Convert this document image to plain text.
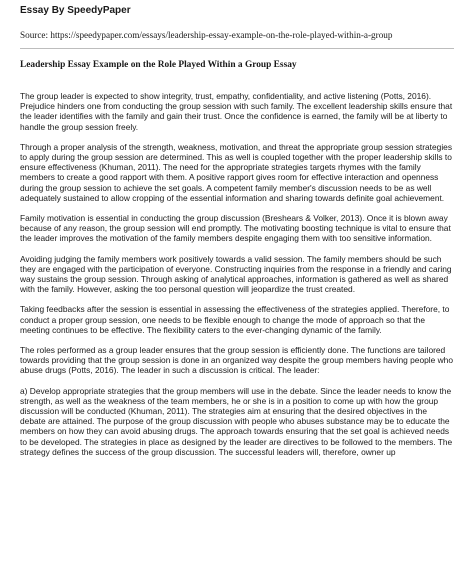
Essay By SpeedyPaper

Source: https://speedypaper.com/essays/leadership-essay-example-on-the-role-played-within-a-group

Leadership Essay Example on the Role Played Within a Group Essay

The group leader is expected to show integrity, trust, empathy, confidentiality, and active listening (Potts, 2016). Prejudice hinders one from conducting the group session with such family. The excellent leadership skills ensure that the leader identifies with the family and gain their trust. Once the confidence is earned, the family will be at liberty to handle the group session freely.

Through a proper analysis of the strength, weakness, motivation, and threat the appropriate group session strategies to apply during the group session are determined. This as well is coupled together with the proper leadership skills to ensure effectiveness (Khuman, 2011). The need for the appropriate strategies targets rhymes with the family members to create a good rapport with them. A positive rapport gives room for effective interaction and openness during the group session to achieve the set goals. A competent family member's discussion needs to be as well adequately sustained to allow cropping of the essential information and sharing towards definite goal achievement.

Family motivation is essential in conducting the group discussion (Breshears & Volker, 2013). Once it is blown away because of any reason, the group session will end promptly. The motivating boosting technique is vital to ensure that the leader improves the motivation of the family members despite engaging them with too sensitive information.

Avoiding judging the family members work positively towards a valid session. The family members should be such they are engaged with the participation of everyone. Constructing inquiries from the response in a friendly and caring way sustains the group session. Through asking of analytical approaches, information is gathered as well as shared with the family. However, asking the too personal question will jeopardize the trust created.

Taking feedbacks after the session is essential in assessing the effectiveness of the strategies applied. Therefore, to conduct a proper group session, one needs to be flexible enough to change the mode of approach so that the meeting continues to be effective. The flexibility caters to the ever-changing dynamic of the family.

The roles performed as a group leader ensures that the group session is efficiently done. The functions are tailored towards providing that the group session is done in an organized way despite the group members having people who abuse drugs (Potts, 2016). The leader in such a discussion is critical. The leader:

a) Develop appropriate strategies that the group members will use in the debate. Since the leader needs to know the strength, as well as the weakness of the team members, he or she is in a position to come up with how the group discussion will be conducted (Khuman, 2011). The strategies aim at ensuring that the desired objectives in the debate are attained. The purpose of the group discussion with people who abuses substance may be to educate the members on how they can avoid abusing drugs. The approach towards ensuring that the set goal is achieved needs to be developed. The strategies in place as designed by the leader are directives to be followed to the members. The strategy defines the success of the group discussion. The successful leaders will, therefore, owner up
